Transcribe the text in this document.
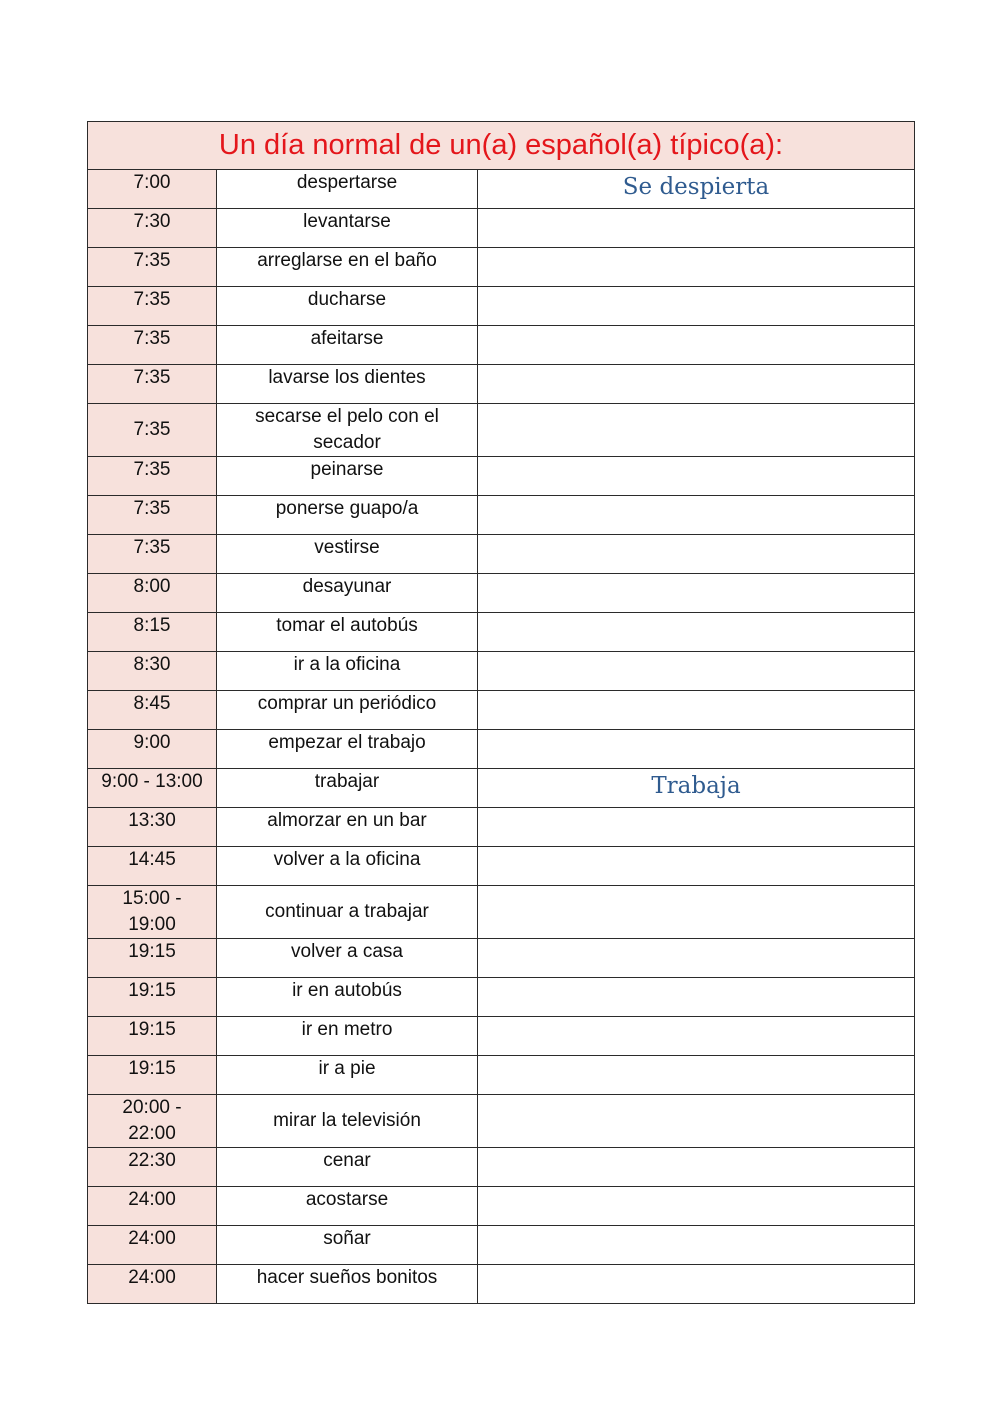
Un día normal de un(a) español(a) típico(a):		
7:00	despertarse	Se despierta
7:30	levantarse	
7:35	arreglarse en el baño	
7:35	ducharse	
7:35	afeitarse	
7:35	lavarse los dientes	
7:35	secarse el pelo con el secador	
7:35	peinarse	
7:35	ponerse guapo/a	
7:35	vestirse	
8:00	desayunar	
8:15	tomar el autobús	
8:30	ir a la oficina	
8:45	comprar un periódico	
9:00	empezar el trabajo	
9:00 - 13:00	trabajar	Trabaja
13:30	almorzar en un bar	
14:45	volver a la oficina	
15:00 - 19:00	continuar a trabajar	
19:15	volver a casa	
19:15	ir en autobús	
19:15	ir en metro	
19:15	ir a pie	
20:00 - 22:00	mirar la televisión	
22:30	cenar	
24:00	acostarse	
24:00	soñar	
24:00	hacer sueños bonitos	
